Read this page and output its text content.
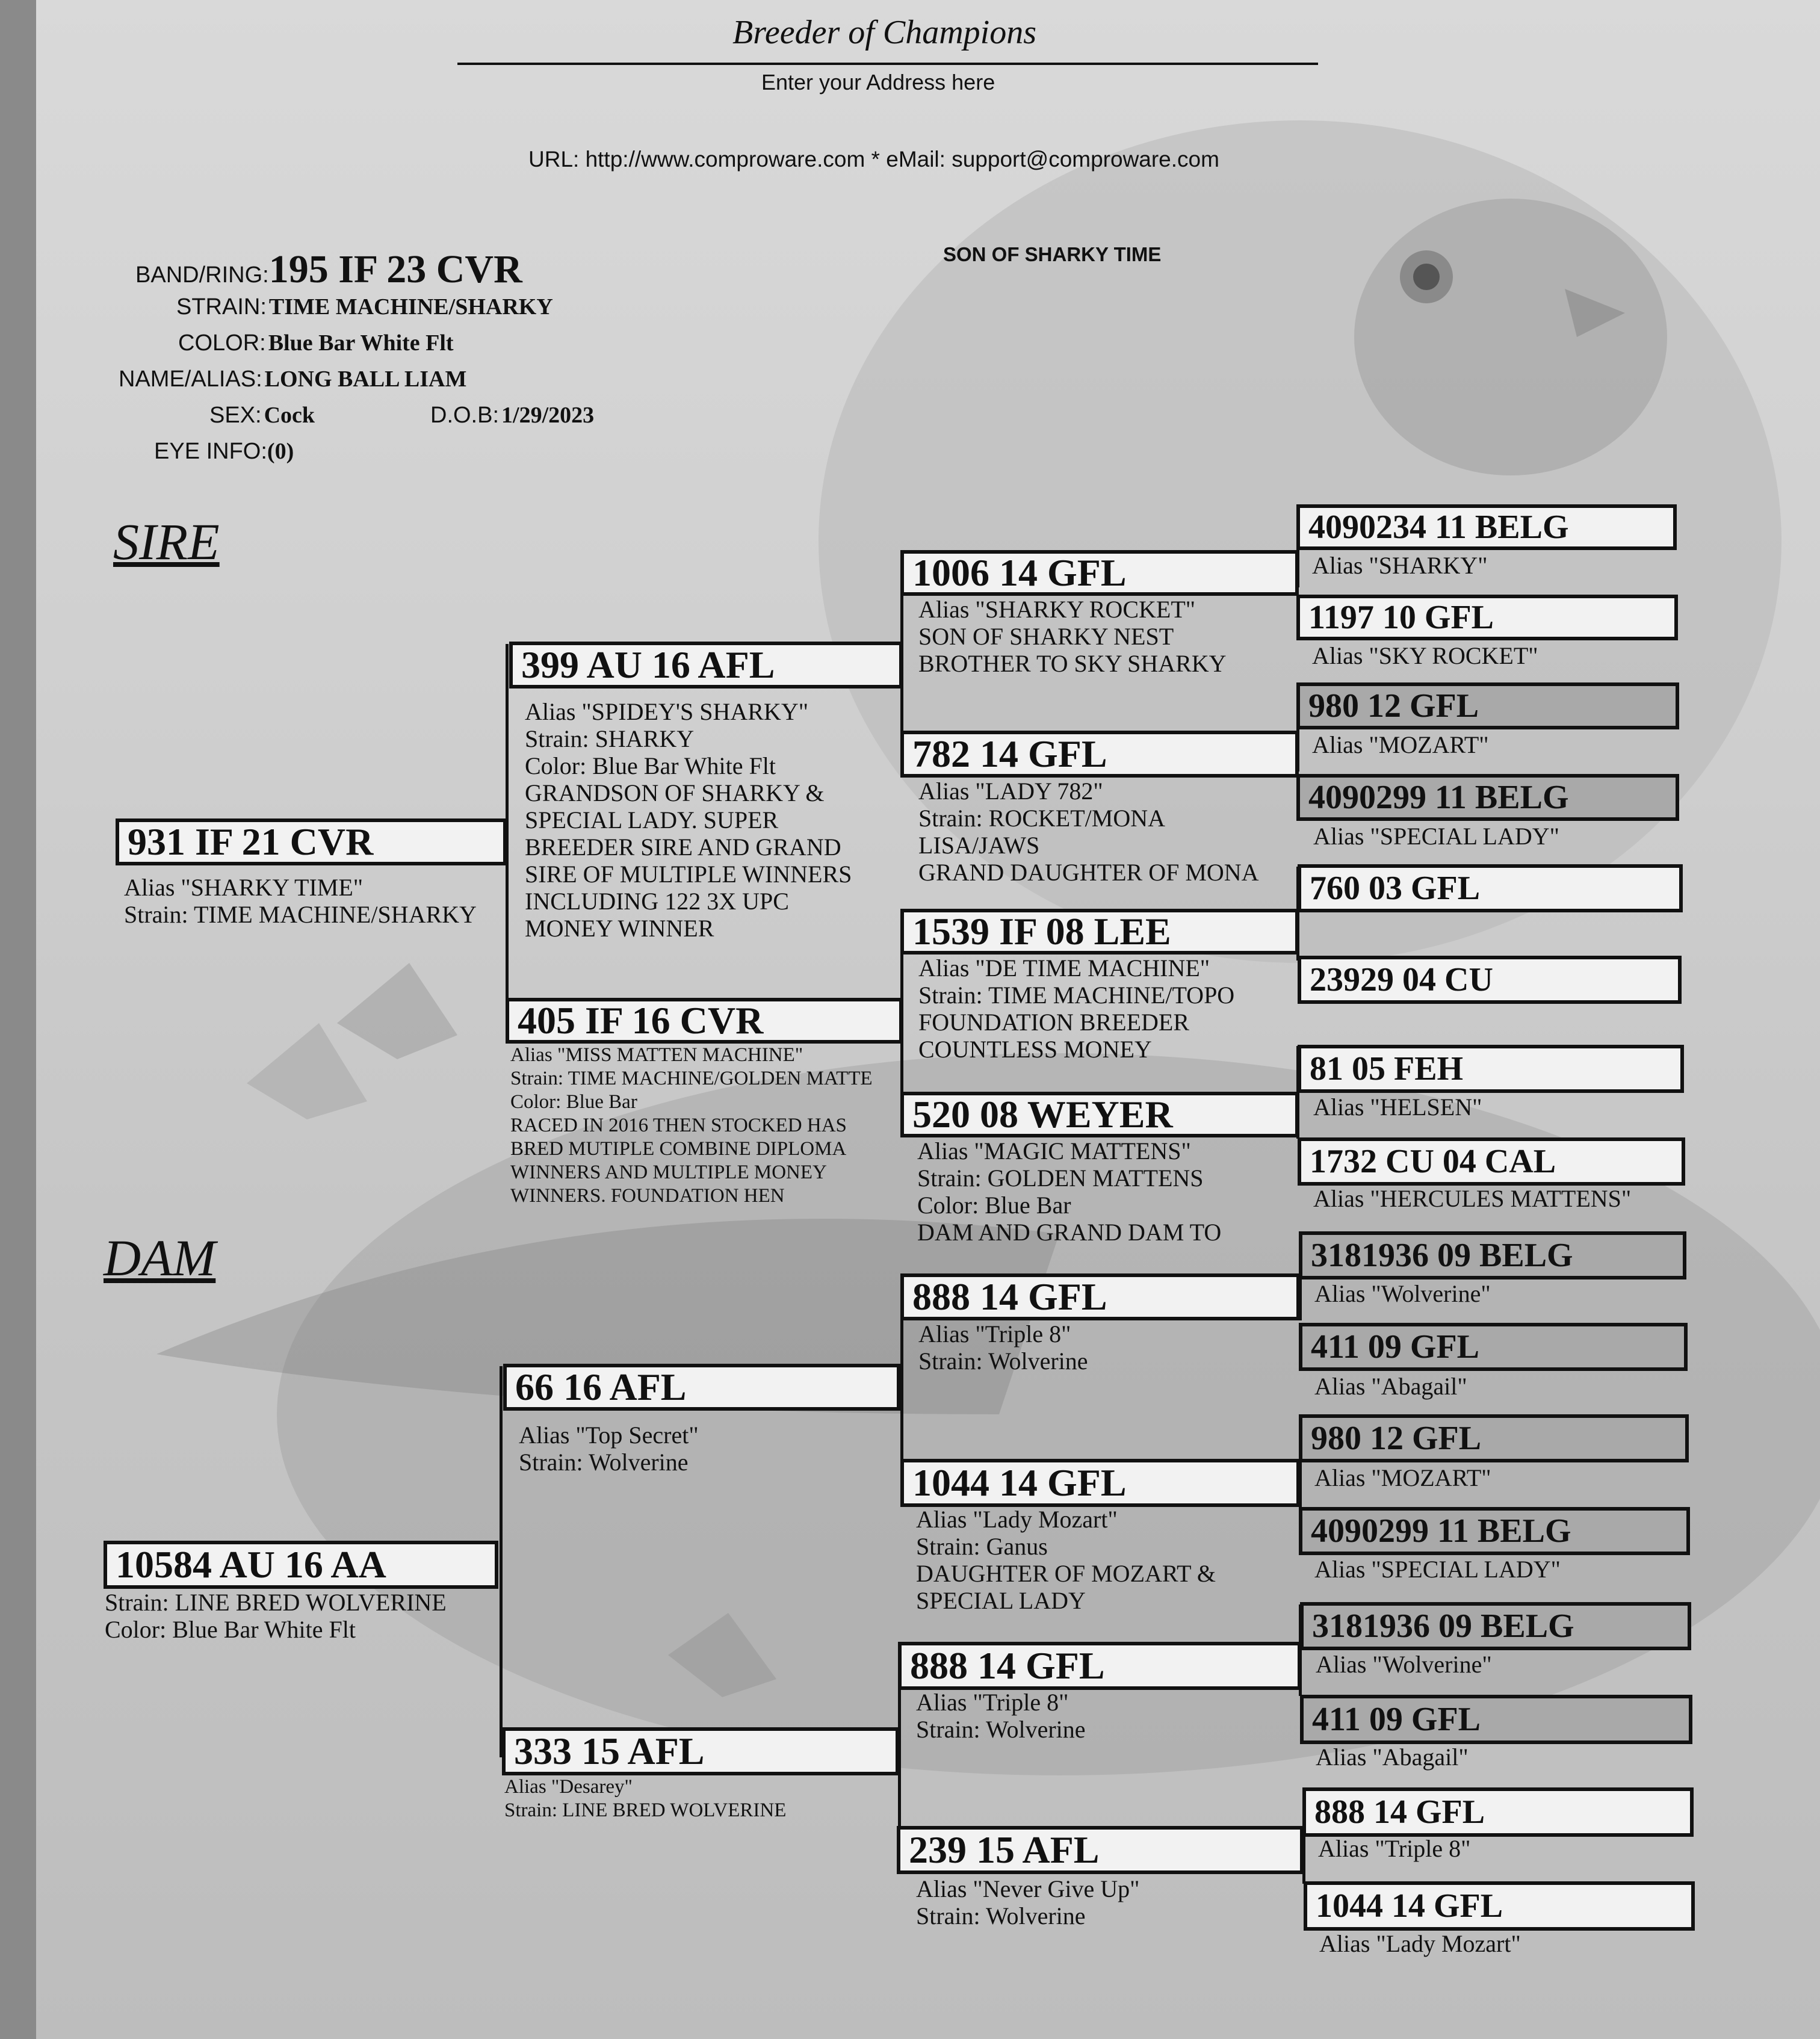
Breeder of Champions
Enter your Address here
URL: http://www.comproware.com * eMail: support@comproware.com
SON OF SHARKY TIME
BAND/RING:195 IF 23 CVR
STRAIN: TIME MACHINE/SHARKY
COLOR: Blue Bar White Flt
NAME/ALIAS: LONG BALL LIAM
SEX: Cock	D.O.B: 1/29/2023
EYE INFO:(0)
SIRE
DAM
931 IF 21 CVR
Alias "SHARKY TIME"
Strain: TIME MACHINE/SHARKY
10584 AU 16 AA
Strain: LINE BRED WOLVERINE
Color: Blue Bar White Flt
399 AU 16 AFL
Alias "SPIDEY'S SHARKY"
Strain: SHARKY
Color: Blue Bar White Flt
GRANDSON OF SHARKY &
SPECIAL LADY. SUPER
BREEDER SIRE AND GRAND
SIRE OF MULTIPLE WINNERS
INCLUDING 122 3X UPC
MONEY WINNER
405 IF 16 CVR
Alias "MISS MATTEN MACHINE"
Strain: TIME MACHINE/GOLDEN MATTE
Color: Blue Bar
RACED IN 2016 THEN STOCKED HAS
BRED MUTIPLE COMBINE DIPLOMA
WINNERS AND MULTIPLE MONEY
WINNERS. FOUNDATION HEN
66 16 AFL
Alias "Top Secret"
Strain: Wolverine
333 15 AFL
Alias "Desarey"
Strain: LINE BRED WOLVERINE
1006 14 GFL
Alias "SHARKY ROCKET"
SON OF SHARKY NEST
BROTHER TO SKY SHARKY
782 14 GFL
Alias "LADY 782"
Strain: ROCKET/MONA
LISA/JAWS
GRAND DAUGHTER OF MONA
1539 IF 08 LEE
Alias "DE TIME MACHINE"
Strain: TIME MACHINE/TOPO
FOUNDATION BREEDER
COUNTLESS MONEY
520 08 WEYER
Alias "MAGIC MATTENS"
Strain: GOLDEN MATTENS
Color: Blue Bar
DAM AND GRAND DAM TO
888 14 GFL
Alias "Triple 8"
Strain: Wolverine
1044 14 GFL
Alias "Lady Mozart"
Strain: Ganus
DAUGHTER OF MOZART &
SPECIAL LADY
888 14 GFL
Alias "Triple 8"
Strain: Wolverine
239 15 AFL
Alias "Never Give Up"
Strain: Wolverine
4090234 11 BELG
Alias "SHARKY"
1197 10 GFL
Alias "SKY ROCKET"
980 12 GFL
Alias "MOZART"
4090299 11 BELG
Alias "SPECIAL LADY"
760 03 GFL
23929 04 CU
81 05 FEH
Alias "HELSEN"
1732 CU 04 CAL
Alias "HERCULES MATTENS"
3181936 09 BELG
Alias "Wolverine"
411 09 GFL
Alias "Abagail"
980 12 GFL
Alias "MOZART"
4090299 11 BELG
Alias "SPECIAL LADY"
3181936 09 BELG
Alias "Wolverine"
411 09 GFL
Alias "Abagail"
888 14 GFL
Alias "Triple 8"
1044 14 GFL
Alias "Lady Mozart"
